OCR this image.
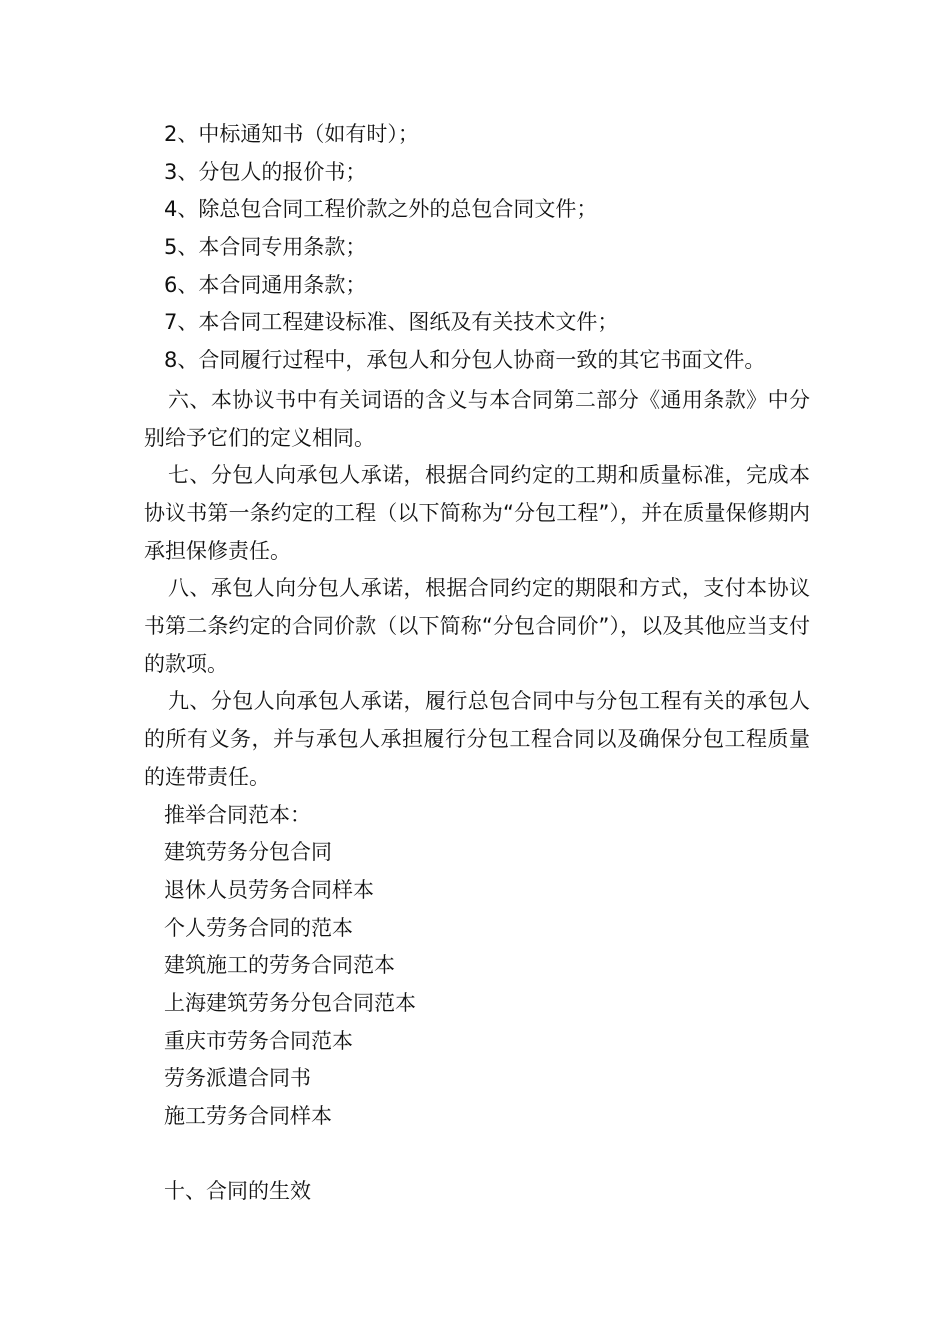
2、中标通知书（如有时）；
3、分包人的报价书；
4、除总包合同工程价款之外的总包合同文件；
5、本合同专用条款；
6、本合同通用条款；
7、本合同工程建设标准、图纸及有关技术文件；
8、合同履行过程中，承包人和分包人协商一致的其它书面文件。

六、本协议书中有关词语的含义与本合同第二部分《通用条款》中分别给予它们的定义相同。

七、分包人向承包人承诺，根据合同约定的工期和质量标准，完成本协议书第一条约定的工程（以下简称为“分包工程”），并在质量保修期内承担保修责任。

八、承包人向分包人承诺，根据合同约定的期限和方式，支付本协议书第二条约定的合同价款（以下简称“分包合同价”），以及其他应当支付的款项。

九、分包人向承包人承诺，履行总包合同中与分包工程有关的承包人的所有义务，并与承包人承担履行分包工程合同以及确保分包工程质量的连带责任。

推举合同范本：
建筑劳务分包合同
退休人员劳务合同样本
个人劳务合同的范本
建筑施工的劳务合同范本
上海建筑劳务分包合同范本
重庆市劳务合同范本
劳务派遣合同书
施工劳务合同样本
十、合同的生效
